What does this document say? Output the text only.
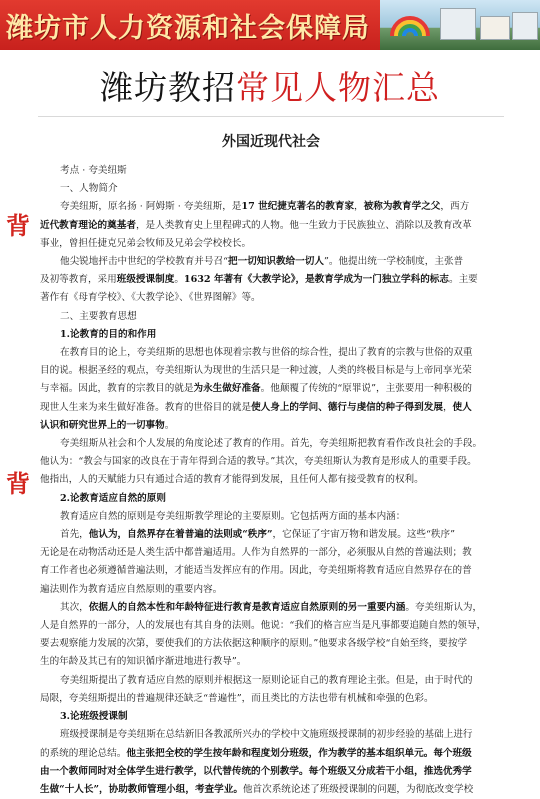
潍坊市人力资源和社会保障局
潍坊教招常见人物汇总
背
背
外国近现代社会

考点 · 夸美纽斯

一、人物简介

夸美纽斯，原名扬 · 阿姆斯 · 夸美纽斯，是17 世纪捷克著名的教育家，被称为教育学之父，西方

近代教育理论的奠基者，是人类教育史上里程碑式的人物。他一生致力于民族独立、消除以及教育改革

事业，曾担任捷克兄弟会牧师及兄弟会学校校长。

他尖锐地抨击中世纪的学校教育并号召“把一切知识教给一切人”。他提出统一学校制度，主张普

及初等教育，采用班级授课制度。1632 年著有《大教学论》，是教育学成为一门独立学科的标志。主要

著作有《母育学校》、《大教学论》、《世界图解》等。

二、主要教育思想

1.论教育的目的和作用

在教育目的论上，夸美纽斯的思想也体现着宗教与世俗的综合性，提出了教育的宗教与世俗的双重

目的说。根据圣经的观点，夸美纽斯认为现世的生活只是一种过渡，人类的终极目标是与上帝同享光荣

与幸福。因此，教育的宗教目的就是为永生做好准备。他颠覆了传统的“原罪说”，主张要用一种积极的

现世人生来为来生做好准备。教育的世俗目的就是使人身上的学问、德行与虔信的种子得到发展，使人

认识和研究世界上的一切事物。

夸美纽斯从社会和个人发展的角度论述了教育的作用。首先，夸美纽斯把教育看作改良社会的手段。

他认为：“教会与国家的改良在于青年得到合适的教导。”其次，夸美纽斯认为教育是形成人的重要手段。

他指出，人的天赋能力只有通过合适的教育才能得到发展，且任何人都有接受教育的权利。

2.论教育适应自然的原则

教育适应自然的原则是夸美纽斯教学理论的主要原则。它包括两方面的基本内涵：

首先，他认为，自然界存在着普遍的法则或“秩序”，它保证了宇宙万物和谐发展。这些“秩序”

无论是在动物活动还是人类生活中都普遍适用。人作为自然界的一部分，必须服从自然的普遍法则；教

育工作者也必须遵循普遍法则，才能适当发挥应有的作用。因此，夸美纽斯将教育适应自然界存在的普

遍法则作为教育适应自然原则的重要内容。

其次，依据人的自然本性和年龄特征进行教育是教育适应自然原则的另一重要内涵。夸美纽斯认为，

人是自然界的一部分，人的发展也有其自身的法则。他说：“我们的格言应当是凡事都要追随自然的领导，

要去观察能力发展的次第，要使我们的方法依据这种顺序的原则。”他要求各级学校“自始至终，要按学

生的年龄及其已有的知识循序渐进地进行教导”。

夸美纽斯提出了教育适应自然的原则并根据这一原则论证自己的教育理论主张。但是，由于时代的

局限，夸美纽斯提出的普遍规律还缺乏“普遍性”，而且类比的方法也带有机械和牵强的色彩。

3.论班级授课制

班级授课制是夸美纽斯在总结新旧各教派所兴办的学校中文施班级授课制的初步经验的基础上进行

的系统的理论总结。他主张把全校的学生按年龄和程度划分班级，作为教学的基本组织单元。每个班级

由一个教师同时对全体学生进行教学，以代替传统的个别教学。每个班级又分成若干小组，推选优秀学

生做“十人长”，协助教师管理小组，考查学业。他首次系统论述了班级授课制的问题，为彻底改变学校
